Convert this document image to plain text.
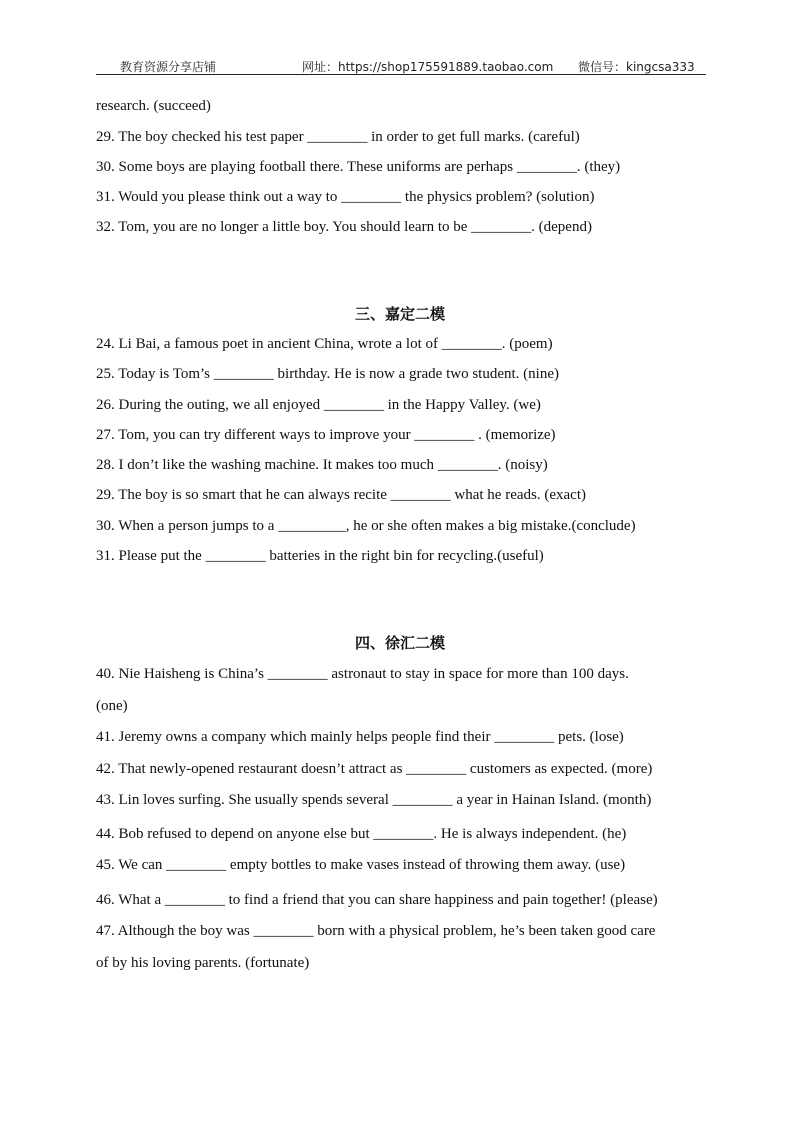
教育资源分享店铺	网址：https://shop175591889.taobao.com 微信号：kingcsa333
research. (succeed)
29. The boy checked his test paper ________ in order to get full marks. (careful)
30. Some boys are playing football there. These uniforms are perhaps ________. (they)
31. Would you please think out a way to ________ the physics problem? (solution)
32. Tom, you are no longer a little boy. You should learn to be ________. (depend)
三、嘉定二模
24. Li Bai, a famous poet in ancient China, wrote a lot of ________. (poem)
25. Today is Tom’s ________ birthday. He is now a grade two student. (nine)
26. During the outing, we all enjoyed ________ in the Happy Valley. (we)
27. Tom, you can try different ways to improve your ________ . (memorize)
28. I don’t like the washing machine. It makes too much ________. (noisy)
29. The boy is so smart that he can always recite ________ what he reads. (exact)
30. When a person jumps to a _________, he or she often makes a big mistake.(conclude)
31. Please put the ________ batteries in the right bin for recycling.(useful)
四、徐汇二模
40. Nie Haisheng is China’s ________ astronaut to stay in space for more than 100 days.
(one)
41. Jeremy owns a company which mainly helps people find their ________ pets. (lose)
42. That newly-opened restaurant doesn’t attract as ________ customers as expected. (more)
43. Lin loves surfing. She usually spends several ________ a year in Hainan Island. (month)
44. Bob refused to depend on anyone else but ________. He is always independent. (he)
45. We can ________ empty bottles to make vases instead of throwing them away. (use)
46. What a ________ to find a friend that you can share happiness and pain together! (please)
47. Although the boy was ________ born with a physical problem, he’s been taken good care
of by his loving parents. (fortunate)
